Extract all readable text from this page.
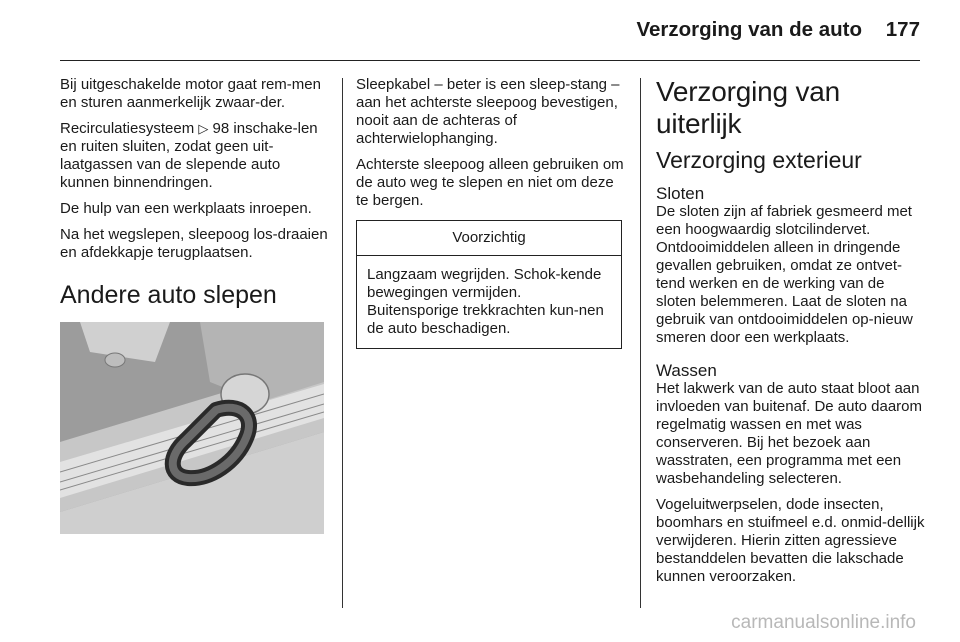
Verzorging van de auto 177

Bij uitgeschakelde motor gaat rem-men en sturen aanmerkelijk zwaar-der.

Recirculatiesysteem ▷ 98 inschake-len en ruiten sluiten, zodat geen uit-laatgassen van de slepende auto kunnen binnendringen.

De hulp van een werkplaats inroepen.

Na het wegslepen, sleepoog los-draaien en afdekkapje terugplaatsen.

Andere auto slepen

Sleepkabel – beter is een sleep-stang – aan het achterste sleepoog bevestigen, nooit aan de achteras of achterwielophanging.

Achterste sleepoog alleen gebruiken om de auto weg te slepen en niet om deze te bergen.

Voorzichtig
Langzaam wegrijden. Schok-kende bewegingen vermijden. Buitensporige trekkrachten kun-nen de auto beschadigen.
Verzorging van uiterlijk
Verzorging exterieur
Sloten

De sloten zijn af fabriek gesmeerd met een hoogwaardig slotcilindervet. Ontdooimiddelen alleen in dringende gevallen gebruiken, omdat ze ontvet-tend werken en de werking van de sloten belemmeren. Laat de sloten na gebruik van ontdooimiddelen op-nieuw smeren door een werkplaats.

Wassen

Het lakwerk van de auto staat bloot aan invloeden van buitenaf. De auto daarom regelmatig wassen en met was conserveren. Bij het bezoek aan wasstraten, een programma met een wasbehandeling selecteren.

Vogeluitwerpselen, dode insecten, boomhars en stuifmeel e.d. onmid-dellijk verwijderen. Hierin zitten agressieve bestanddelen bevatten die lakschade kunnen veroorzaken.

carmanualsonline.info
